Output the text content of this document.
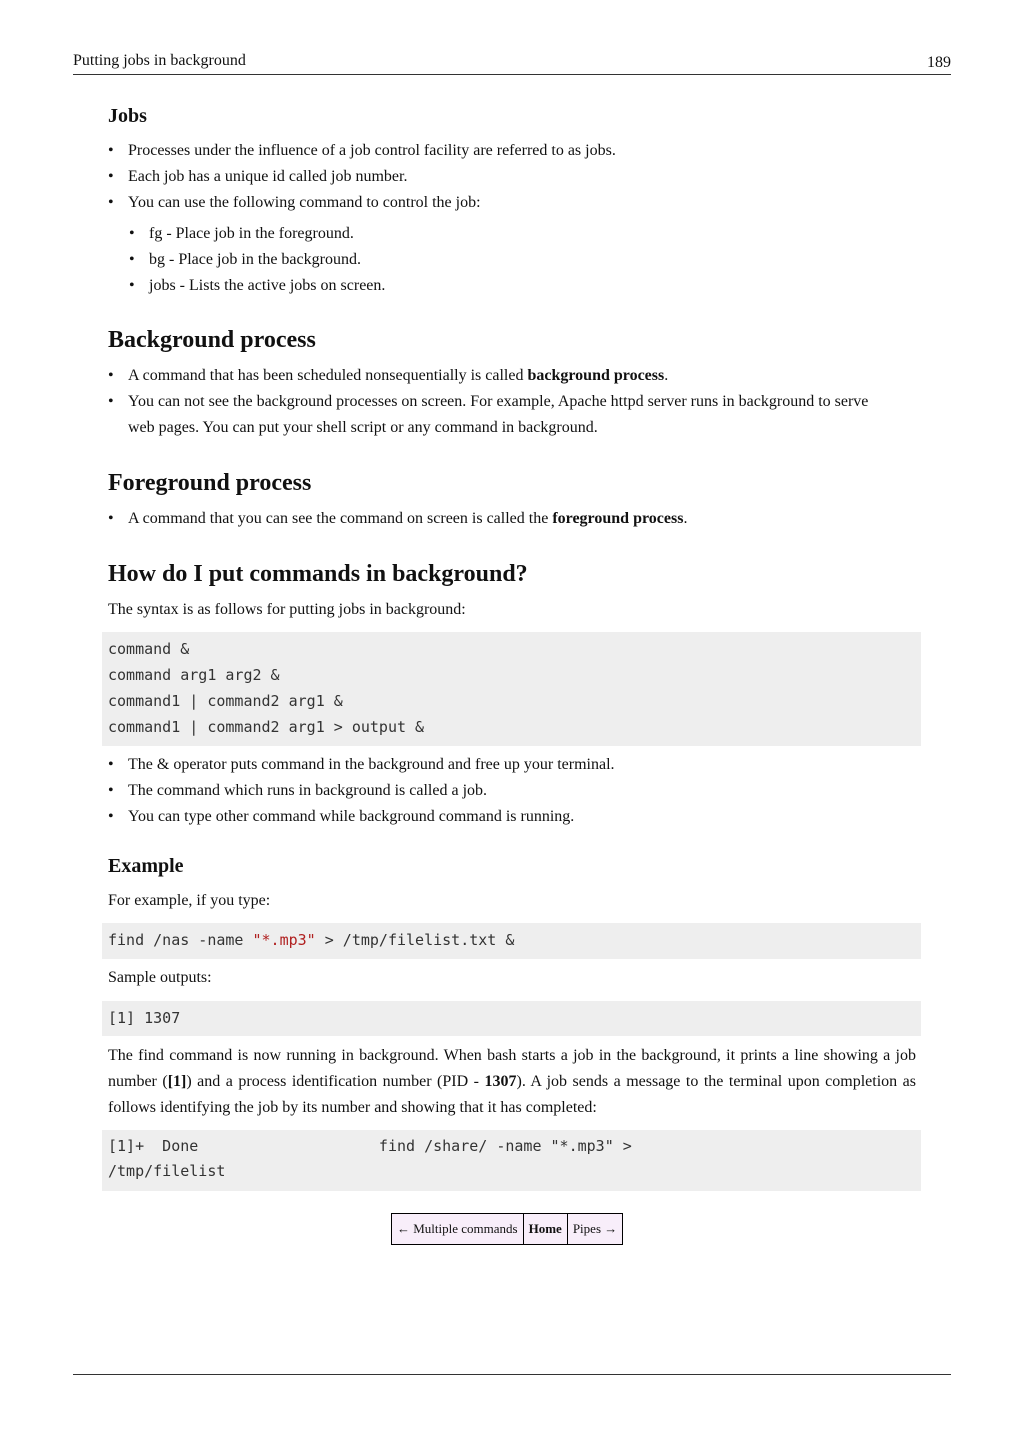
Putting jobs in background	189
Jobs
• Processes under the influence of a job control facility are referred to as jobs.
• Each job has a unique id called job number.
• You can use the following command to control the job:
• fg - Place job in the foreground.
• bg - Place job in the background.
• jobs - Lists the active jobs on screen.
Background process
• A command that has been scheduled nonsequentially is called background process.
• You can not see the background processes on screen. For example, Apache httpd server runs in background to serve web pages. You can put your shell script or any command in background.
Foreground process
• A command that you can see the command on screen is called the foreground process.
How do I put commands in background?

The syntax is as follows for putting jobs in background:

command &
command arg1 arg2 &
command1 | command2 arg1 &
command1 | command2 arg1 > output &
• The & operator puts command in the background and free up your terminal.
• The command which runs in background is called a job.
• You can type other command while background command is running.
Example

For example, if you type:

find /nas -name "*.mp3" > /tmp/filelist.txt &

Sample outputs:

[1] 1307

The find command is now running in background. When bash starts a job in the background, it prints a line showing a job number ([1]) and a process identification number (PID - 1307). A job sends a message to the terminal upon completion as follows identifying the job by its number and showing that it has completed:

[1]+  Done                    find /share/ -name "*.mp3" >
/tmp/filelist
← Multiple commands	Home	Pipes →
